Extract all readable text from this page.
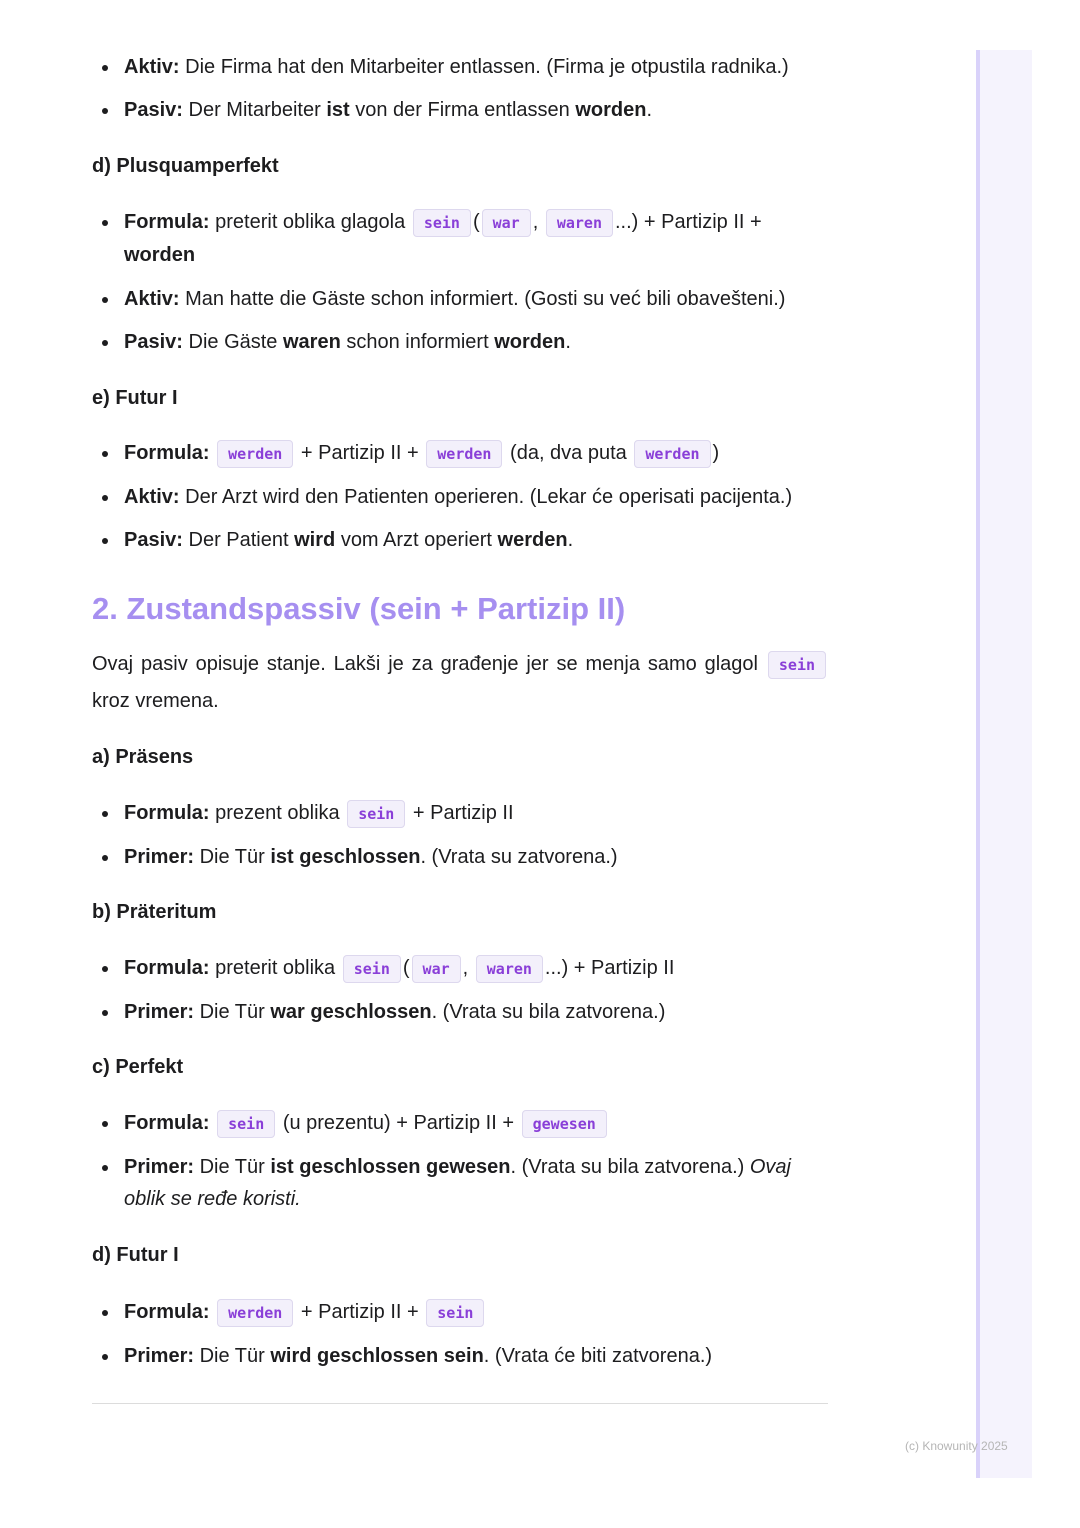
Aktiv: Die Firma hat den Mitarbeiter entlassen. (Firma je otpustila radnika.)
Pasiv: Der Mitarbeiter ist von der Firma entlassen worden.

d) Plusquamperfekt

Formula: preterit oblika glagola sein ( war , waren ...) + Partizip II + worden
Aktiv: Man hatte die Gäste schon informiert. (Gosti su već bili obavešteni.)
Pasiv: Die Gäste waren schon informiert worden.

e) Futur I

Formula: werden + Partizip II + werden (da, dva puta werden )
Aktiv: Der Arzt wird den Patienten operieren. (Lekar će operisati pacijenta.)
Pasiv: Der Patient wird vom Arzt operiert werden.
2. Zustandspassiv (sein + Partizip II)

Ovaj pasiv opisuje stanje. Lakši je za građenje jer se menja samo glagol sein kroz vremena.

a) Präsens

Formula: prezent oblika sein + Partizip II
Primer: Die Tür ist geschlossen. (Vrata su zatvorena.)

b) Präteritum

Formula: preterit oblika sein ( war , waren ...) + Partizip II
Primer: Die Tür war geschlossen. (Vrata su bila zatvorena.)

c) Perfekt

Formula: sein (u prezentu) + Partizip II + gewesen
Primer: Die Tür ist geschlossen gewesen. (Vrata su bila zatvorena.) Ovaj oblik se ređe koristi.

d) Futur I

Formula: werden + Partizip II + sein
Primer: Die Tür wird geschlossen sein. (Vrata će biti zatvorena.)
(c) Knowunity 2025
